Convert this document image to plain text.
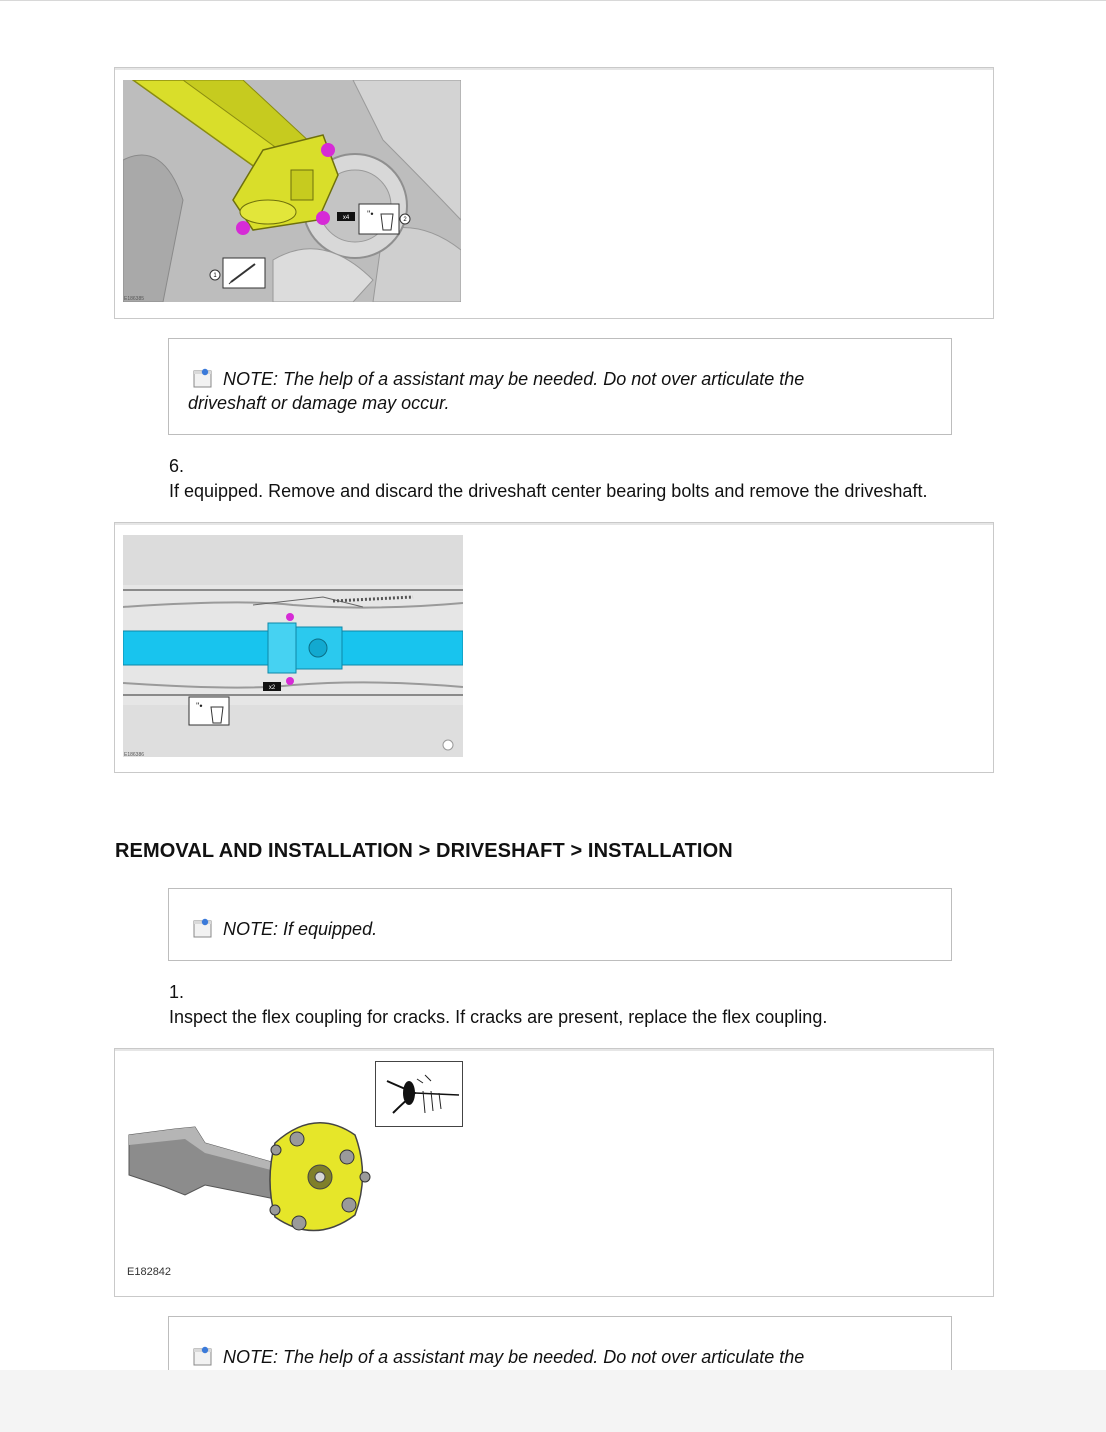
x4 ''•
2
1
E186385
NOTE: The help of a assistant may be needed. Do not over articulate the
driveshaft or damage may occur.
6.
If equipped. Remove and discard the driveshaft center bearing bolts and remove the driveshaft.
x2
''•
E186386
REMOVAL AND INSTALLATION > DRIVESHAFT > INSTALLATION
NOTE: If equipped.
1.
Inspect the flex coupling for cracks. If cracks are present, replace the flex coupling.
E182842
NOTE: The help of a assistant may be needed. Do not over articulate the
